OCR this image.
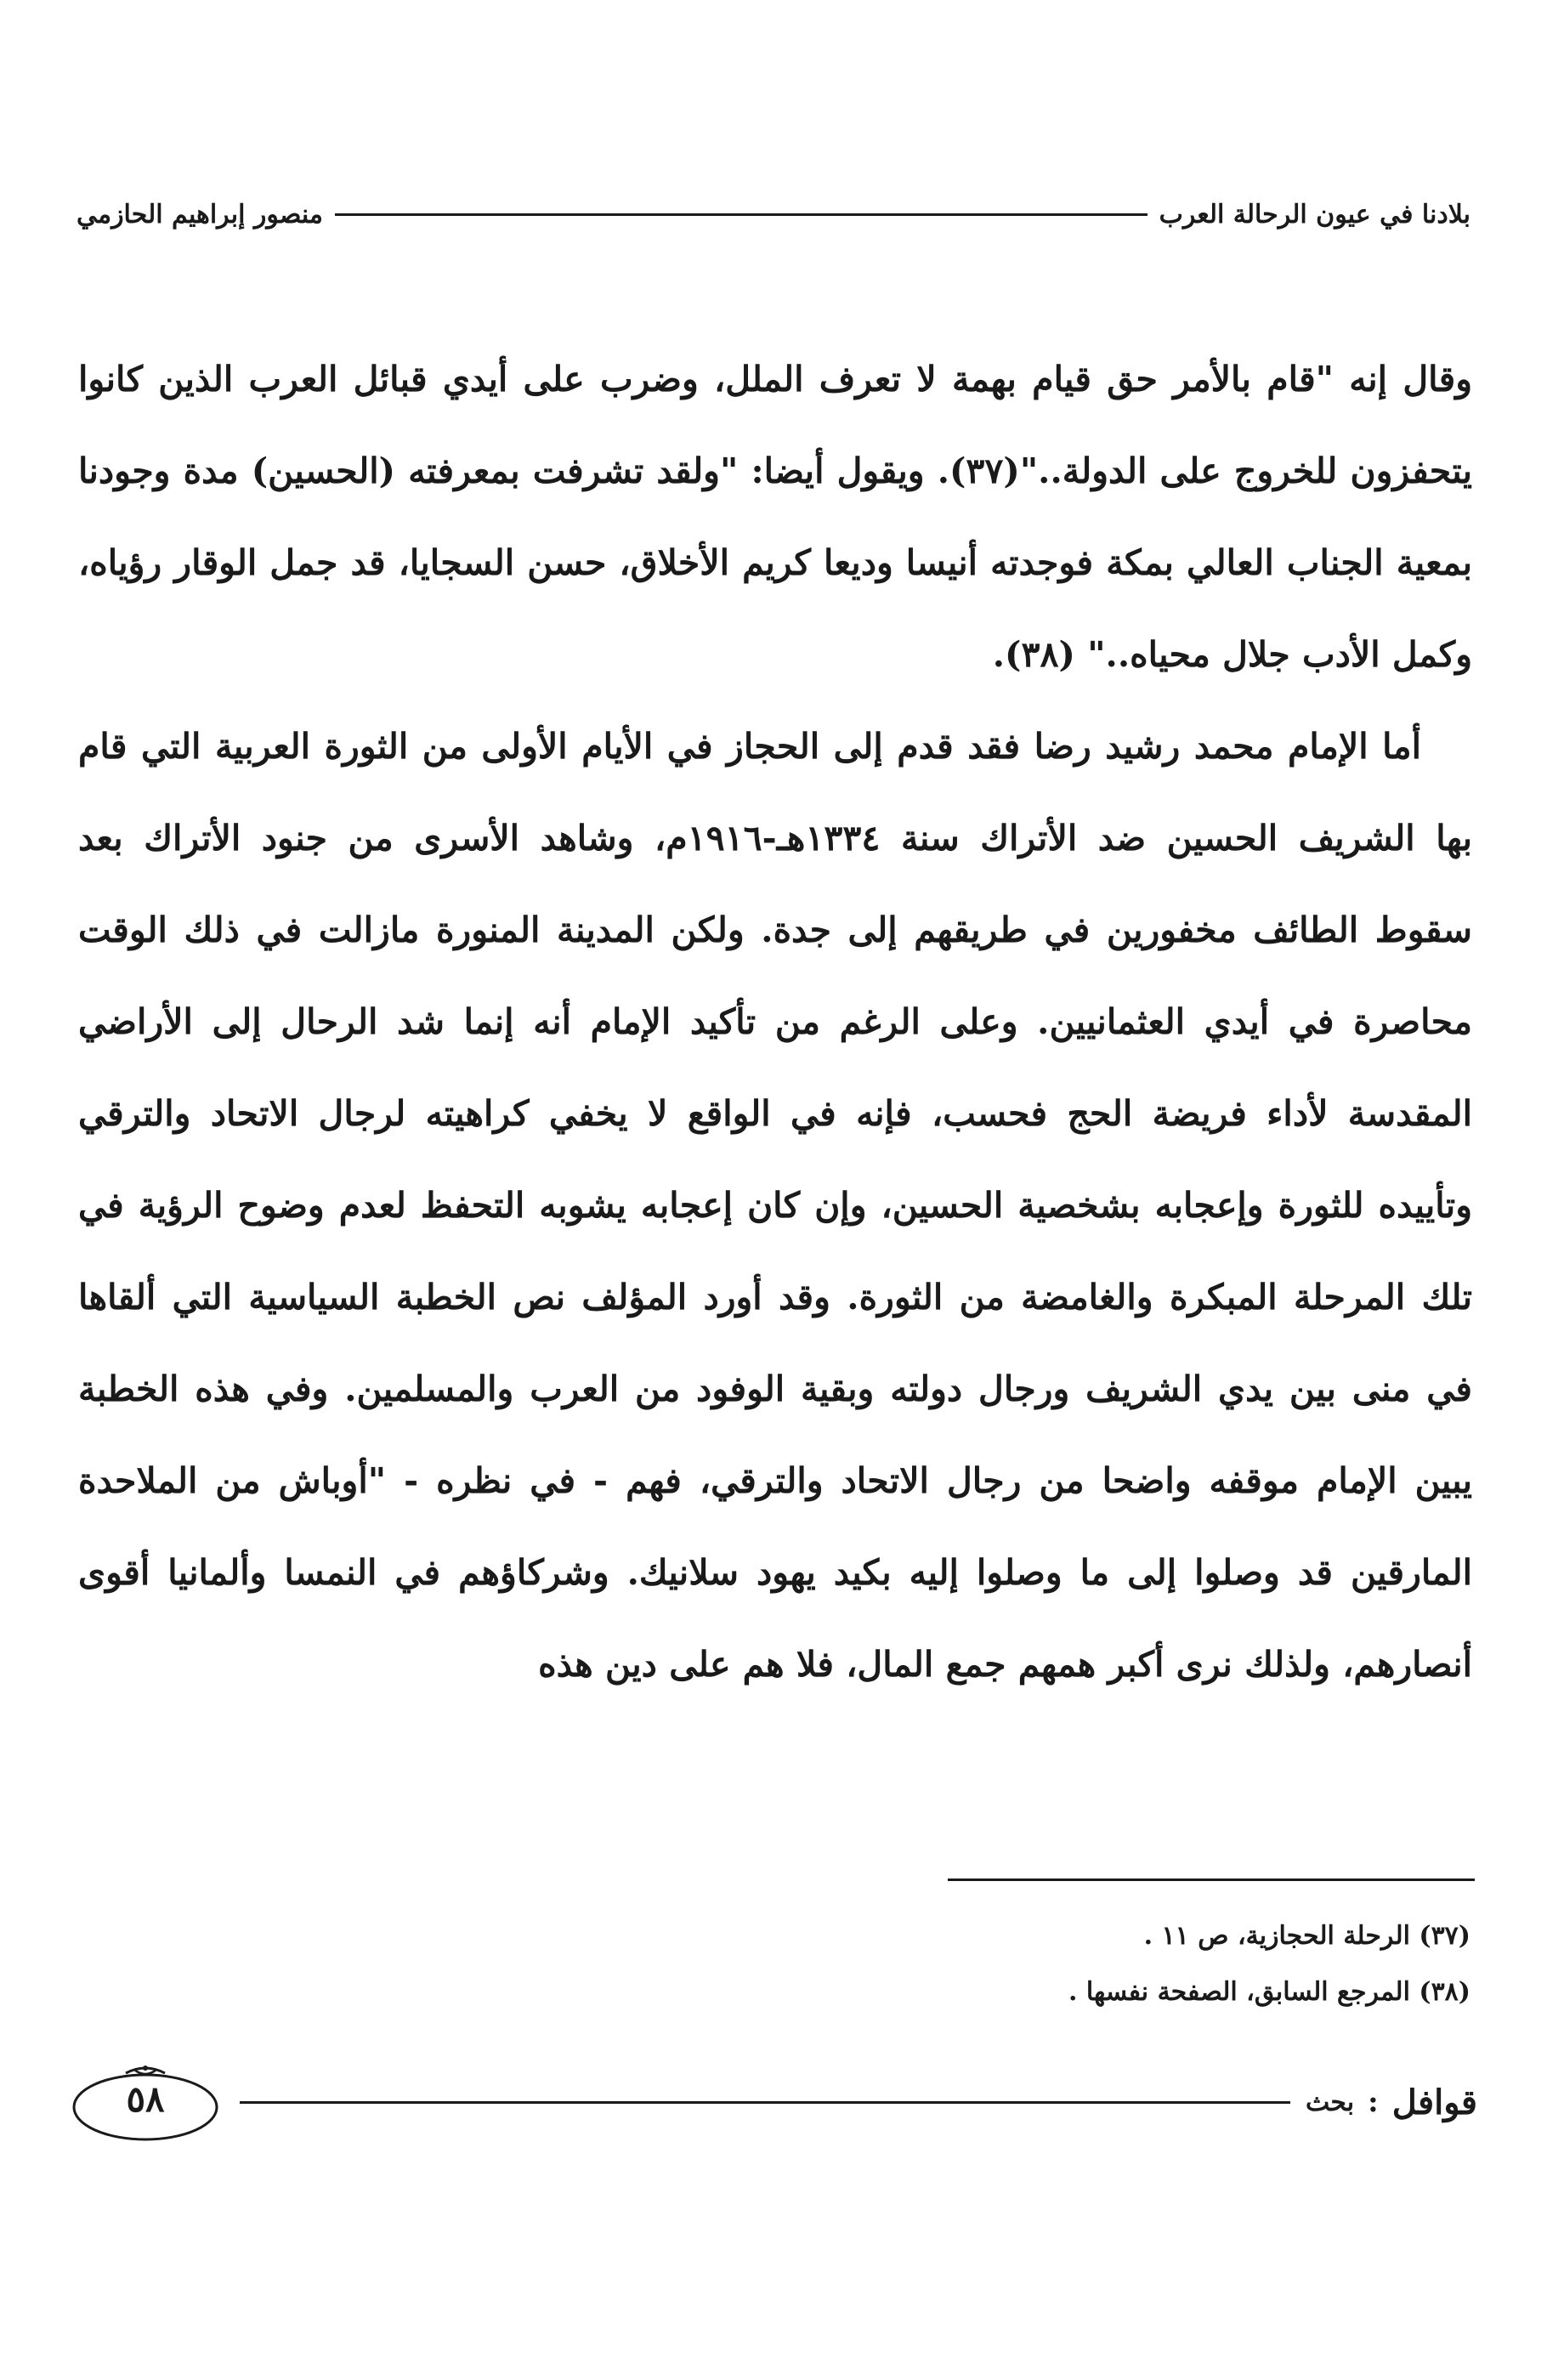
بلادنا في عيون الرحالة العرب
منصور إبراهيم الحازمي

وقال إنه "قام بالأمر حق قيام بهمة لا تعرف الملل، وضرب على أيدي قبائل العرب الذين كانوا يتحفزون للخروج على الدولة.."(٣٧). ويقول أيضا: "ولقد تشرفت بمعرفته (الحسين) مدة وجودنا بمعية الجناب العالي بمكة فوجدته أنيسا وديعا كريم الأخلاق، حسن السجايا، قد جمل الوقار رؤياه، وكمل الأدب جلال محياه.." (٣٨).

أما الإمام محمد رشيد رضا فقد قدم إلى الحجاز في الأيام الأولى من الثورة العربية التي قام بها الشريف الحسين ضد الأتراك سنة ١٣٣٤هـ-١٩١٦م، وشاهد الأسرى من جنود الأتراك بعد سقوط الطائف مخفورين في طريقهم إلى جدة. ولكن المدينة المنورة مازالت في ذلك الوقت محاصرة في أيدي العثمانيين. وعلى الرغم من تأكيد الإمام أنه إنما شد الرحال إلى الأراضي المقدسة لأداء فريضة الحج فحسب، فإنه في الواقع لا يخفي كراهيته لرجال الاتحاد والترقي وتأييده للثورة وإعجابه بشخصية الحسين، وإن كان إعجابه يشوبه التحفظ لعدم وضوح الرؤية في تلك المرحلة المبكرة والغامضة من الثورة. وقد أورد المؤلف نص الخطبة السياسية التي ألقاها في منى بين يدي الشريف ورجال دولته وبقية الوفود من العرب والمسلمين. وفي هذه الخطبة يبين الإمام موقفه واضحا من رجال الاتحاد والترقي، فهم - في نظره - "أوباش من الملاحدة المارقين قد وصلوا إلى ما وصلوا إليه بكيد يهود سلانيك. وشركاؤهم في النمسا وألمانيا أقوى أنصارهم، ولذلك نرى أكبر همهم جمع المال، فلا هم على دين هذه

(٣٧) الرحلة الحجازية، ص ١١ .
(٣٨) المرجع السابق، الصفحة نفسها .
قوافل
:
بحث
٥٨
